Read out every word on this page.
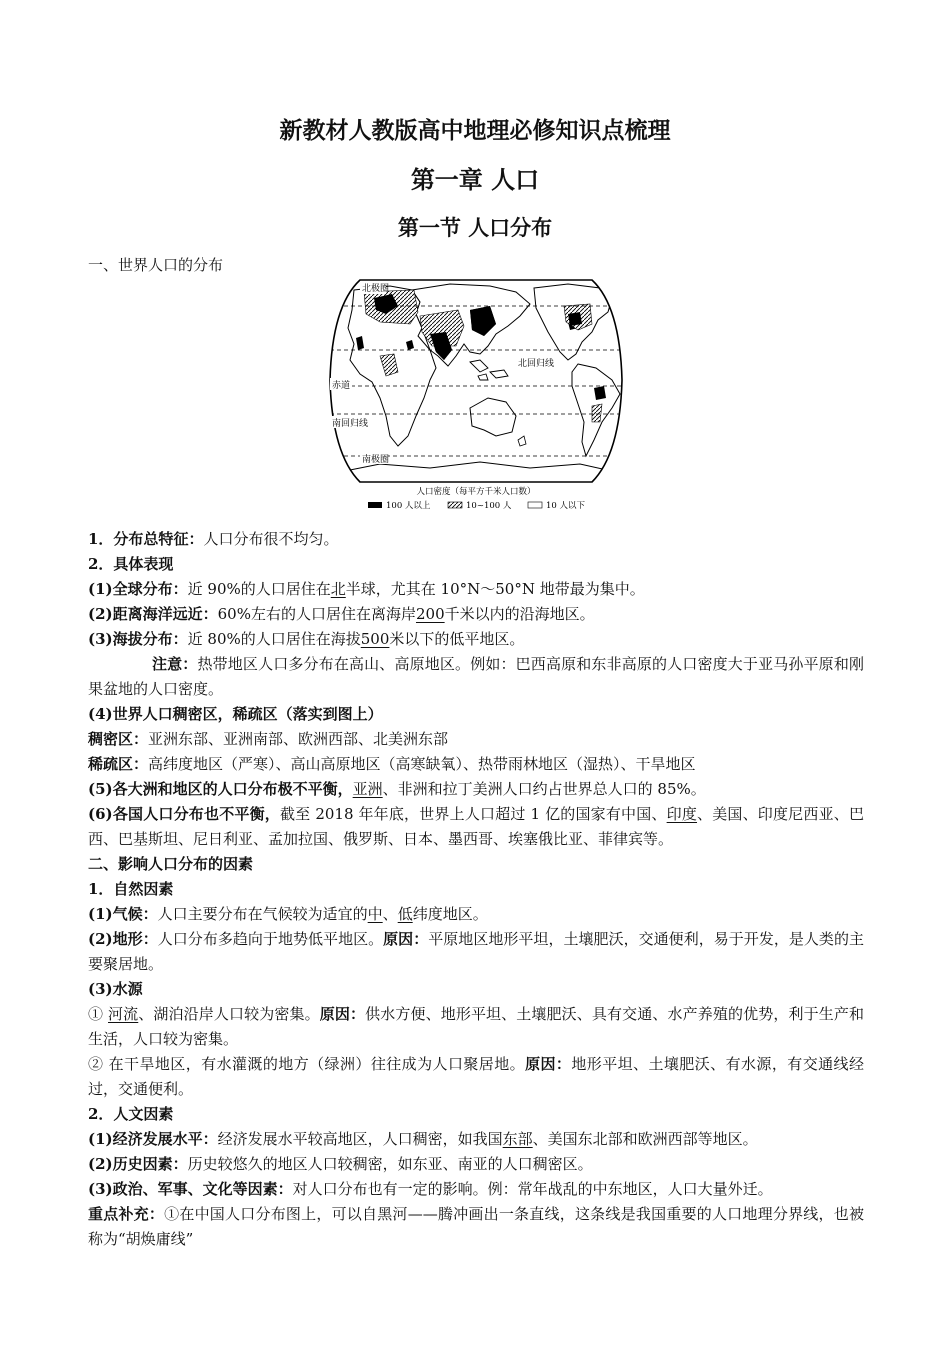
新教材人教版高中地理必修知识点梳理
第一章 人口
第一节 人口分布
一、世界人口的分布
北极圈
北回归线
赤道
南回归线
南极圈
人口密度（每平方千米人口数）
100 人以上	10~100 人	10 人以下
1．分布总特征：人口分布很不均匀。
2．具体表现
(1)全球分布：近 90%的人口居住在北半球，尤其在 10°N～50°N 地带最为集中。
(2)距离海洋远近：60%左右的人口居住在离海岸200千米以内的沿海地区。
(3)海拔分布：近 80%的人口居住在海拔500米以下的低平地区。
注意：热带地区人口多分布在高山、高原地区。例如：巴西高原和东非高原的人口密度大于亚马孙平原和刚果盆地的人口密度。
(4)世界人口稠密区，稀疏区（落实到图上）
稠密区：亚洲东部、亚洲南部、欧洲西部、北美洲东部
稀疏区：高纬度地区（严寒）、高山高原地区（高寒缺氧）、热带雨林地区（湿热）、干旱地区
(5)各大洲和地区的人口分布极不平衡，亚洲、非洲和拉丁美洲人口约占世界总人口的 85%。
(6)各国人口分布也不平衡，截至 2018 年年底，世界上人口超过 1 亿的国家有中国、印度、美国、印度尼西亚、巴西、巴基斯坦、尼日利亚、孟加拉国、俄罗斯、日本、墨西哥、埃塞俄比亚、菲律宾等。
二、影响人口分布的因素
1．自然因素
(1)气候：人口主要分布在气候较为适宜的中、低纬度地区。
(2)地形：人口分布多趋向于地势低平地区。原因：平原地区地形平坦，土壤肥沃，交通便利，易于开发，是人类的主要聚居地。
(3)水源
① 河流、湖泊沿岸人口较为密集。原因：供水方便、地形平坦、土壤肥沃、具有交通、水产养殖的优势，利于生产和生活，人口较为密集。
② 在干旱地区，有水灌溉的地方（绿洲）往往成为人口聚居地。原因：地形平坦、土壤肥沃、有水源，有交通线经过，交通便利。
2．人文因素
(1)经济发展水平：经济发展水平较高地区，人口稠密，如我国东部、美国东北部和欧洲西部等地区。
(2)历史因素：历史较悠久的地区人口较稠密，如东亚、南亚的人口稠密区。
(3)政治、军事、文化等因素：对人口分布也有一定的影响。例：常年战乱的中东地区，人口大量外迁。
重点补充：①在中国人口分布图上，可以自黑河——腾冲画出一条直线，这条线是我国重要的人口地理分界线，也被称为“胡焕庸线”
